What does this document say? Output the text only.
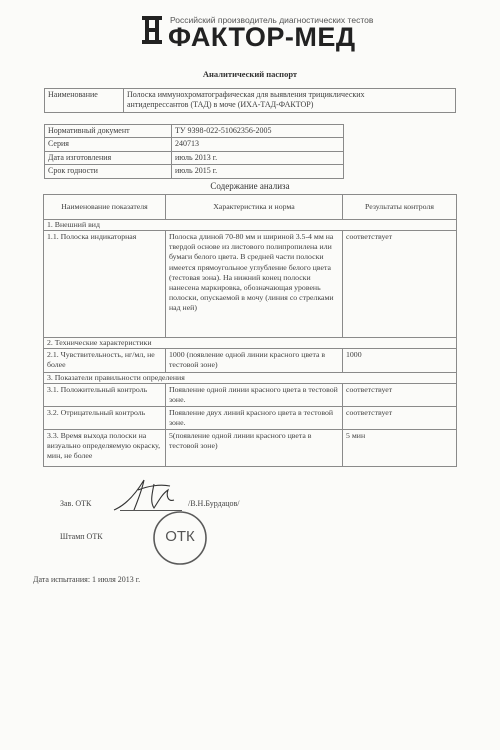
Российский производитель диагностических тестов
ФАКТОР-МЕД
Аналитический паспорт
Наименование	Полоска иммунохроматографическая для выявления трициклических
антидепрессантов (ТАД) в моче (ИХА-ТАД-ФАКТОР)
Нормативный документ	ТУ 9398-022-51062356-2005
Серия	240713
Дата изготовления	июль 2013 г.
Срок годности	июль 2015 г.
Содержание анализа
Наименование показателя	Характеристика и норма	Результаты контроля
1. Внешний вид		
1.1. Полоска индикаторная	Полоска длиной 70-80 мм и шириной 3.5-4 мм на твердой основе из листового полипропилена или бумаги белого цвета. В средней части полоски имеется прямоугольное углубление белого цвета (тестовая зона). На нижний конец полоски нанесена маркировка, обозначающая уровень полоски, опускаемой в мочу (линия со стрелками над ней)	соответствует
2. Технические характеристики		
2.1. Чувствительность, нг/мл, не более	1000 (появление одной линии красного цвета в тестовой зоне)	1000
3. Показатели правильности определения		
3.1. Положительный контроль	Появление одной линии красного цвета в тестовой зоне.	соответствует
3.2. Отрицательный контроль	Появление двух линий красного цвета в тестовой зоне.	соответствует
3.3. Время выхода полоски на визуально определяемую окраску, мин, не более	5(появление одной линии красного цвета в тестовой зоне)	5 мин
Зав. ОТК	/В.Н.Бурдацов/
Штамп ОТК	ОТК
Дата испытания: 1 июля 2013 г.
